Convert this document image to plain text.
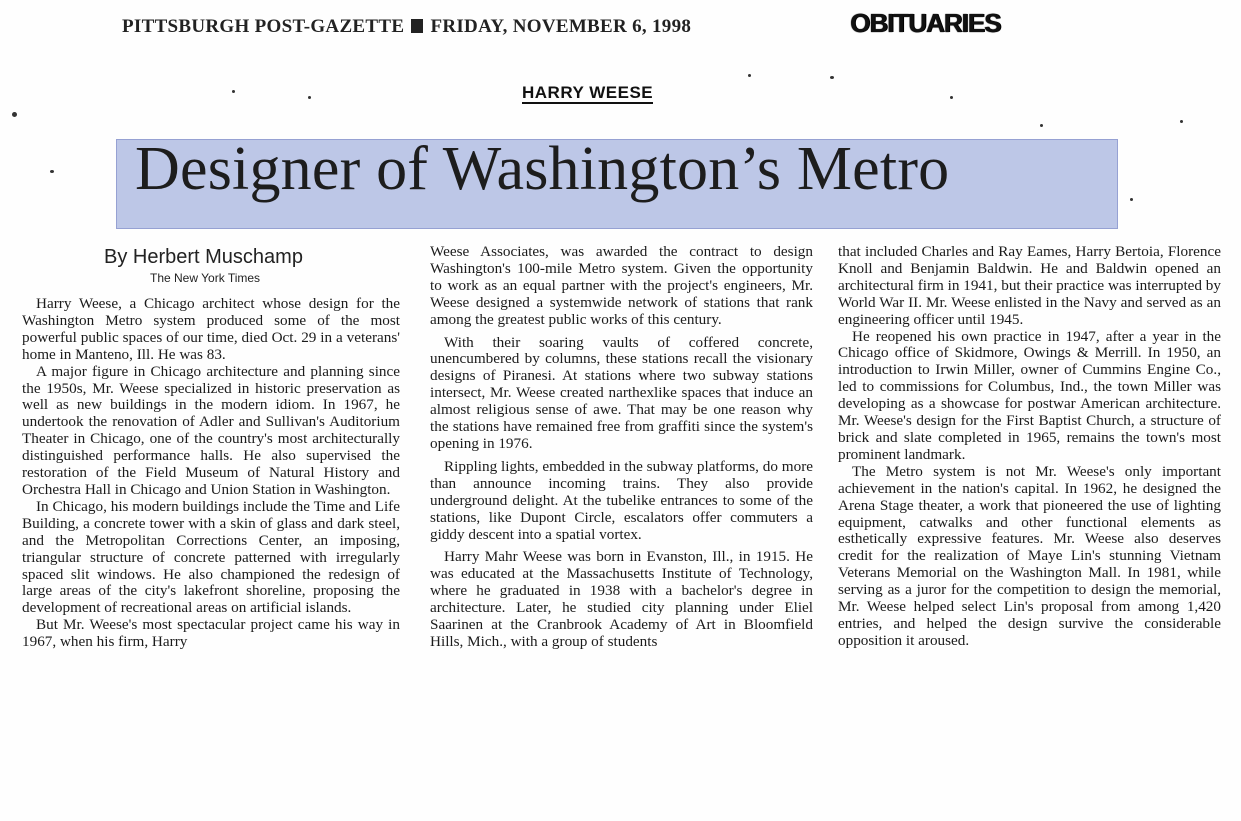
PITTSBURGH POST-GAZETTE FRIDAY, NOVEMBER 6, 1998	OBITUARIES
HARRY WEESE
Designer of Washington’s Metro
By Herbert Muschamp
The New York Times

Harry Weese, a Chicago architect whose design for the Washington Metro system produced some of the most powerful public spaces of our time, died Oct. 29 in a veterans' home in Manteno, Ill. He was 83.

A major figure in Chicago architecture and planning since the 1950s, Mr. Weese specialized in historic preservation as well as new buildings in the modern idiom. In 1967, he undertook the renovation of Adler and Sullivan's Auditorium Theater in Chicago, one of the country's most architecturally distinguished performance halls. He also supervised the restoration of the Field Museum of Natural History and Orchestra Hall in Chicago and Union Station in Washington.

In Chicago, his modern buildings include the Time and Life Building, a concrete tower with a skin of glass and dark steel, and the Metropolitan Corrections Center, an imposing, triangular structure of concrete patterned with irregularly spaced slit windows. He also championed the redesign of large areas of the city's lakefront shoreline, proposing the development of recreational areas on artificial islands.

But Mr. Weese's most spectacular project came his way in 1967, when his firm, Harry

Weese Associates, was awarded the contract to design Washington's 100-mile Metro system. Given the opportunity to work as an equal partner with the project's engineers, Mr. Weese designed a systemwide network of stations that rank among the greatest public works of this century.

With their soaring vaults of coffered concrete, unencumbered by columns, these stations recall the visionary designs of Piranesi. At stations where two subway stations intersect, Mr. Weese created narthexlike spaces that induce an almost religious sense of awe. That may be one reason why the stations have remained free from graffiti since the system's opening in 1976.

Rippling lights, embedded in the subway platforms, do more than announce incoming trains. They also provide underground delight. At the tubelike entrances to some of the stations, like Dupont Circle, escalators offer commuters a giddy descent into a spatial vortex.

Harry Mahr Weese was born in Evanston, Ill., in 1915. He was educated at the Massachusetts Institute of Technology, where he graduated in 1938 with a bachelor's degree in architecture. Later, he studied city planning under Eliel Saarinen at the Cranbrook Academy of Art in Bloomfield Hills, Mich., with a group of students

that included Charles and Ray Eames, Harry Bertoia, Florence Knoll and Benjamin Baldwin. He and Baldwin opened an architectural firm in 1941, but their practice was interrupted by World War II. Mr. Weese enlisted in the Navy and served as an engineering officer until 1945.

He reopened his own practice in 1947, after a year in the Chicago office of Skidmore, Owings & Merrill. In 1950, an introduction to Irwin Miller, owner of Cummins Engine Co., led to commissions for Columbus, Ind., the town Miller was developing as a showcase for postwar American architecture. Mr. Weese's design for the First Baptist Church, a structure of brick and slate completed in 1965, remains the town's most prominent landmark.

The Metro system is not Mr. Weese's only important achievement in the nation's capital. In 1962, he designed the Arena Stage theater, a work that pioneered the use of lighting equipment, catwalks and other functional elements as esthetically expressive features. Mr. Weese also deserves credit for the realization of Maye Lin's stunning Vietnam Veterans Memorial on the Washington Mall. In 1981, while serving as a juror for the competition to design the memorial, Mr. Weese helped select Lin's proposal from among 1,420 entries, and helped the design survive the considerable opposition it aroused.
